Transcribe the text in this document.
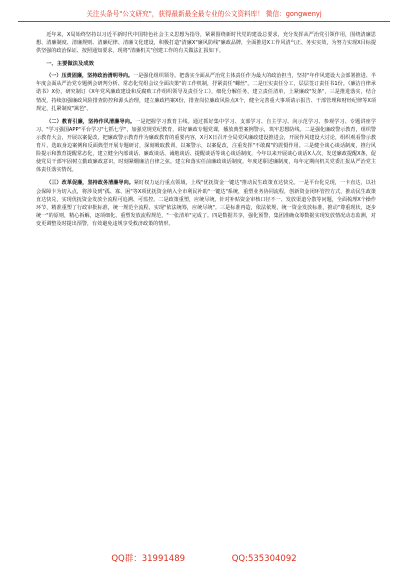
关注头条号"公文研究"，获得最新最全最专业的公文资料库！ 微信：gongwenyj

近年来，X局始终坚持以习近平新时代中国特色社会主义思想为指导，紧紧围绕新时代党的建设总要求，充分发挥从严治党引领作用，围绕清廉思想、清廉制度、清廉规则、清廉纪律、清廉文化建设，积极打造"清廉X"廉风防线"廉政品牌，全面推进X工作风清气正、务实实效，为努力实现X目标提供坚强的政治保证、按照通知要求，现将"清廉机关"创建工作的有关做法汇报如下。

一、主要做法及成效

（一）压责固廉，坚持政治清明导向。一是强化组织领导。把落实全面从严治党主体责任作为最大的政治担当，坚持"年作风建设大会部署推进、半年度会面从严治党专题例会研判分析、常态化党组会议全面决策"的工作机制，抒紧责任"螺丝"。二是压实责任分工，层层签订责任书1份。《廉洁自律承诺书》X份，研究制订《X年党风廉政建设和反腐败工作组织领导及责任分工》，细化分解任务，建立责任清单，上紧廉政"发条"，三是推进落实，结合情况，持续加强廉政风险排查防控和源头治理，建立廉政档案X份，排查岗位廉政风险点X个，健全完善重大事项请示报告、干部管理和财经纪律等X项规定，扎紧制度"篱笆"。

（二）教育引廉，坚持作风清廉导向。一是把握学习教育主线。通过抓好集中学习、支部学习、自主学习、向示范学习、参观学习、专题讲座学习、"学习强国APP"平台学习"七抓七学"，加强党规党纪教育，讲好廉政专题党课，播放典型案例警示，筑牢思想防线。二是强化廉政警示教育，组织警示教育大会，开展以案促改，把廉政警示教育作为廉政教育的重要内容，X月X日召开全局党风廉政建设推进会，开展作风建设大讨论，组织观看警示教育片、选取身边案例和反面典型开展专题研讨，深刻吸取教训，以案警示，以案促改，注重发挥"不敢腐"的震慑作用。三是健全谈心谈话制度，推行风险提示和教育提醒常态化，建立健全内部谈话、廉政谈话、诫勉谈话、提醒谈话等谈心谈话制度，今年以来开展谈心谈话X人次，发送廉政提醒X条，促使党员干部牢固树立勤政廉政意识，时刻紧绷廉洁自律之弦。建立和落实任前廉政谈话制度。年度述职述廉制度，每年定期向机关党委汇报从严治党主体责任落实情况。

（三）改革促廉，坚持政务清廉导向。紧盯权力运行重点领域，上线"优抚资金一键达"推动民生政策直达快兑。一是平台化兑现，一卡直达，以社会保障卡为切入点，将涉及到"孤、寡、困"等X项优抚资金纳入全市利民补助"一键达"系统，重塑业务协同流程，创新资金闭环管控方式，推动民生政策直达快兑，实现优抚资金发放全流程可追溯、可监控。二是政策重塑，应统尽统，针对补贴资金审核口径不一、发放渠道分散等问题，全面梳理X个操作环节，精准重塑了行政审批标准，统一规范全流程，实现"依法统筹，应统尽统"。三是标准再造，依法依规，统一资金发放标准，推动"尊重现状，逐步统一"的原则，精心拆解，逐项细化、重塑发放流程规范，"一张清单"完成了。四是数据共享，强化预警，集团准确众筹数据实现发放情况动态监测，对变更调整及时提出预警，有效避免违规享受救济政策的情形。

QQ群：31991489	QQ:535304092
